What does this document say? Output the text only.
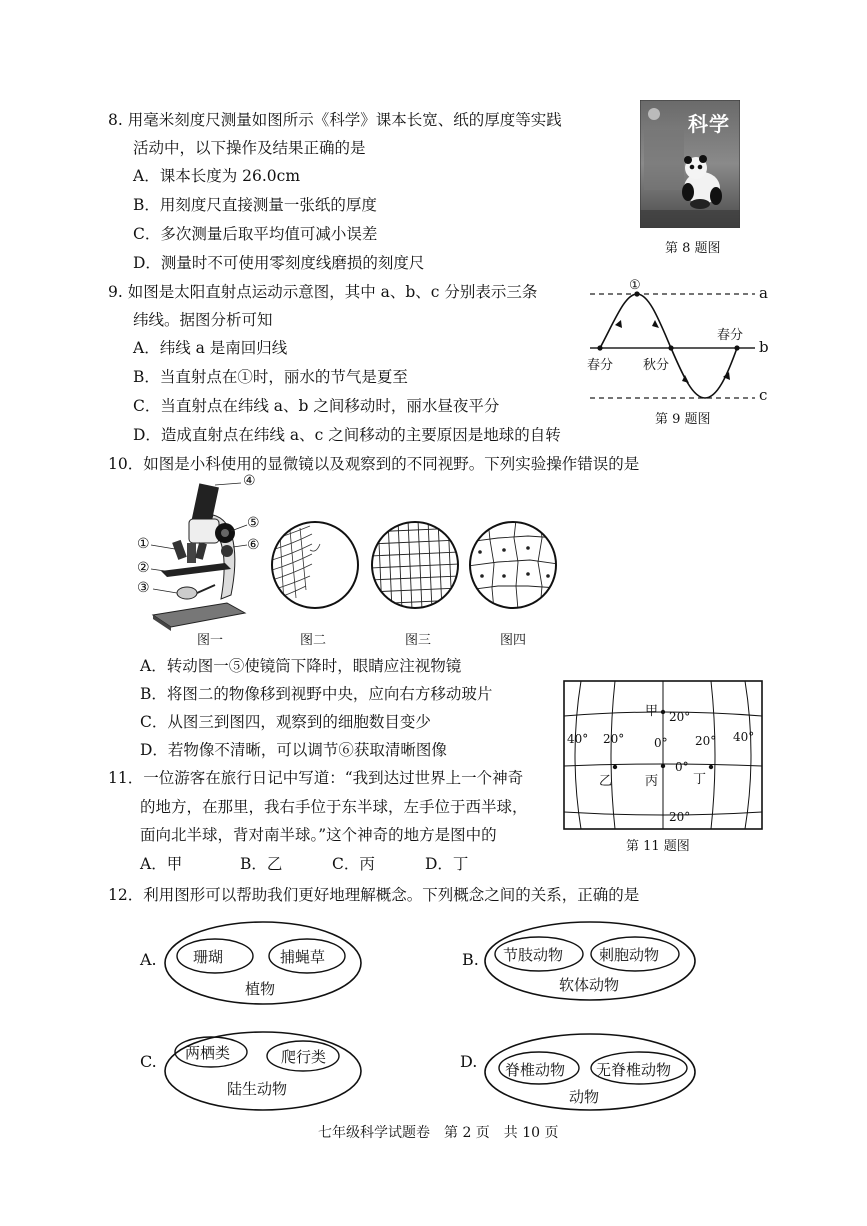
8. 用毫米刻度尺测量如图所示《科学》课本长宽、纸的厚度等实践
活动中，以下操作及结果正确的是
A．课本长度为 26.0cm
B．用刻度尺直接测量一张纸的厚度
C．多次测量后取平均值可减小误差
D．测量时不可使用零刻度线磨损的刻度尺
科学
第 8 题图
9. 如图是太阳直射点运动示意图，其中 a、b、c 分别表示三条
纬线。据图分析可知
A．纬线 a 是南回归线
B．当直射点在①时，丽水的节气是夏至
C．当直射点在纬线 a、b 之间移动时，丽水昼夜平分
D．造成直射点在纬线 a、c 之间移动的主要原因是地球的自转
①	a
b
c
春分 秋分
春分
第 9 题图
10．如图是小科使用的显微镜以及观察到的不同视野。下列实验操作错误的是
④
⑤
⑥
①
②
③
图一	图二	图三	图四
A．转动图一⑤使镜筒下降时，眼睛应注视物镜
B．将图二的物像移到视野中央，应向右方移动玻片
C．从图三到图四，观察到的细胞数目变少
D．若物像不清晰，可以调节⑥获取清晰图像
11．一位游客在旅行日记中写道：“我到达过世界上一个神奇
的地方，在那里，我右手位于东半球，左手位于西半球，
面向北半球，背对南半球。”这个神奇的地方是图中的
A．甲	B．乙	C．丙	D．丁
甲 20°
40° 20° 0° 20° 40°
0°
乙	丙	丁
20°
第 11 题图
12．利用图形可以帮助我们更好地理解概念。下列概念之间的关系，正确的是
A. 珊瑚	捕蝇草
植物
B. 节肢动物 刺胞动物
软体动物
C. 两栖类	爬行类
陆生动物
D. 脊椎动物 无脊椎动物
动物
七年级科学试题卷　第 2 页　共 10 页
